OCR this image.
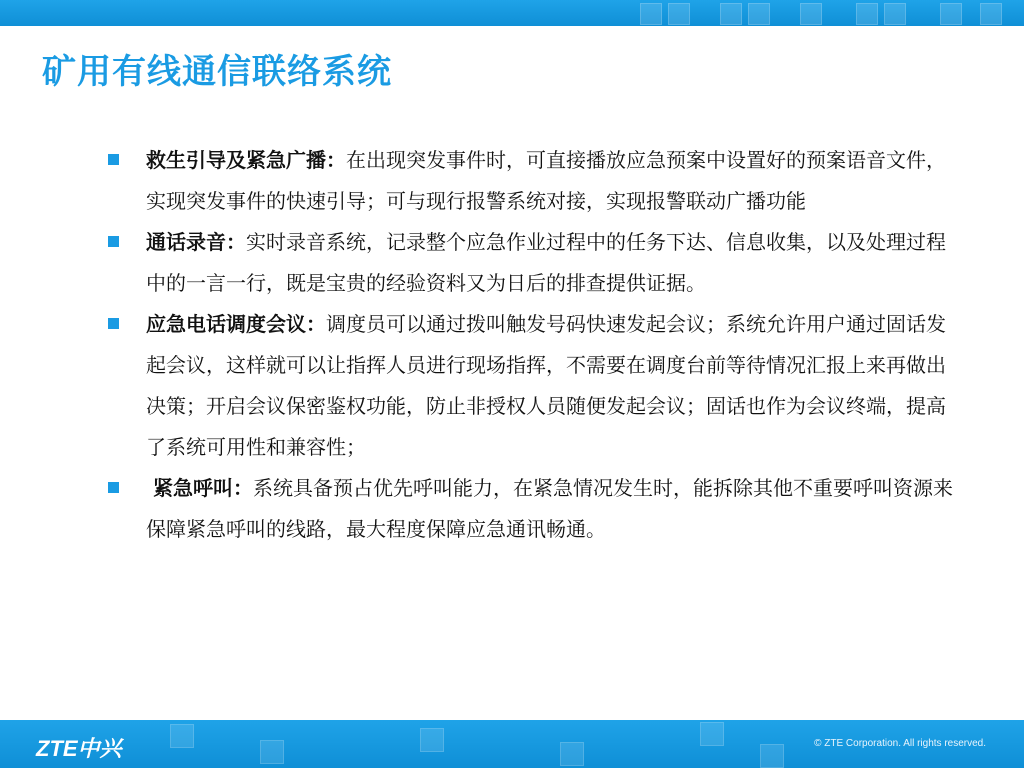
矿用有线通信联络系统
救生引导及紧急广播：在出现突发事件时，可直接播放应急预案中设置好的预案语音文件，实现突发事件的快速引导；可与现行报警系统对接，实现报警联动广播功能
通话录音：实时录音系统，记录整个应急作业过程中的任务下达、信息收集，以及处理过程中的一言一行，既是宝贵的经验资料又为日后的排查提供证据。
应急电话调度会议：调度员可以通过拨叫触发号码快速发起会议；系统允许用户通过固话发起会议，这样就可以让指挥人员进行现场指挥，不需要在调度台前等待情况汇报上来再做出决策；开启会议保密鉴权功能，防止非授权人员随便发起会议；固话也作为会议终端，提高了系统可用性和兼容性；
紧急呼叫：系统具备预占优先呼叫能力，在紧急情况发生时，能拆除其他不重要呼叫资源来保障紧急呼叫的线路，最大程度保障应急通讯畅通。
ZTE中兴	© ZTE Corporation. All rights reserved.
